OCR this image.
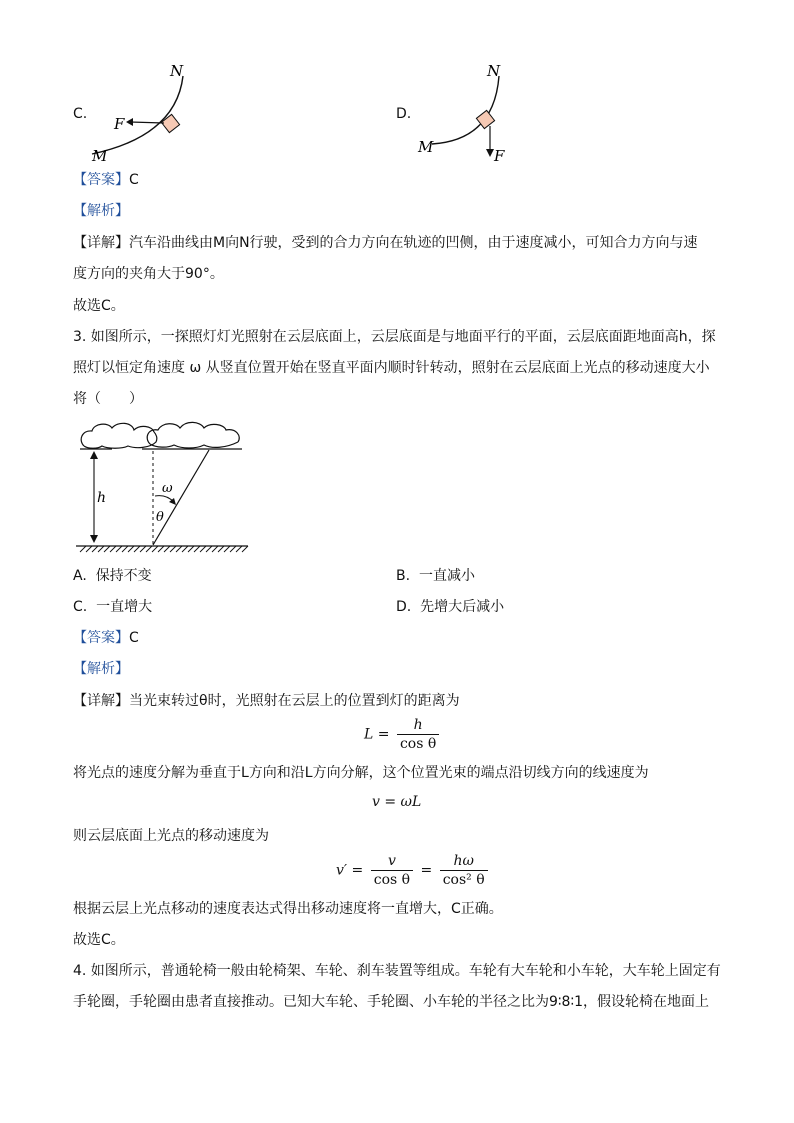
C.
N
F
M
D.
N
M	F
【答案】C
【解析】
【详解】汽车沿曲线由M向N行驶，受到的合力方向在轨迹的凹侧，由于速度减小，可知合力方向与速
度方向的夹角大于90°。
故选C。
3. 如图所示，一探照灯灯光照射在云层底面上，云层底面是与地面平行的平面，云层底面距地面高h，探
照灯以恒定角速度 ω 从竖直位置开始在竖直平面内顺时针转动，照射在云层底面上光点的移动速度大小
将（　　）
h
ω
θ
A. 保持不变	B. 一直减小
C. 一直增大	D. 先增大后减小
【答案】C
【解析】
【详解】当光束转过θ时，光照射在云层上的位置到灯的距离为
$L = \frac{h}{\text{cos θ}}$
将光点的速度分解为垂直于L方向和沿L方向分解，这个位置光束的端点沿切线方向的线速度为
v = ωL
则云层底面上光点的移动速度为
$v' = \frac{v}{\text{cos θ}} = \frac{h\omega}{\text{cos² θ}}$
根据云层上光点移动的速度表达式得出移动速度将一直增大，C正确。
故选C。
4. 如图所示，普通轮椅一般由轮椅架、车轮、刹车装置等组成。车轮有大车轮和小车轮，大车轮上固定有
手轮圈，手轮圈由患者直接推动。已知大车轮、手轮圈、小车轮的半径之比为9∶8∶1，假设轮椅在地面上
